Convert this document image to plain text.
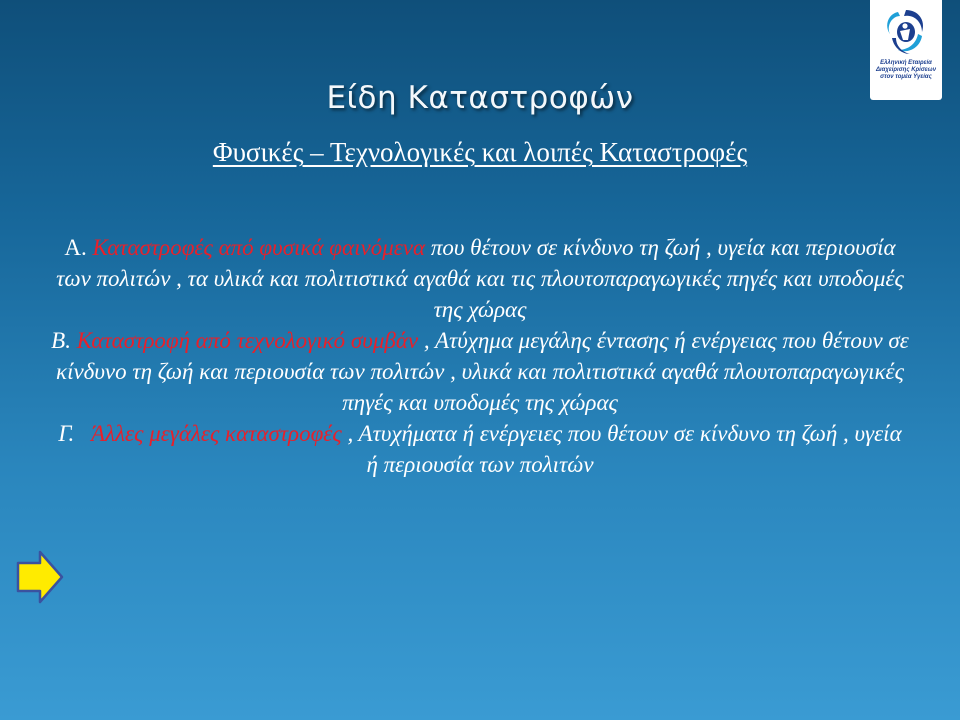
Ελληνική Εταιρεία
Διαχείρισης Κρίσεων
στον τομέα Υγείας
Είδη Καταστροφών
Φυσικές – Τεχνολογικές και λοιπές Καταστροφές

Α. Καταστροφές από φυσικά φαινόμενα που θέτουν σε κίνδυνο τη ζωή , υγεία και περιουσία των πολιτών , τα υλικά και πολιτιστικά αγαθά και τις πλουτοπαραγωγικές πηγές και υποδομές της χώρας

Β. Καταστροφή από τεχνολογικό συμβάν , Ατύχημα μεγάλης έντασης ή ενέργειας που θέτουν σε κίνδυνο τη ζωή και περιουσία των πολιτών , υλικά και πολιτιστικά αγαθά πλουτοπαραγωγικές πηγές και υποδομές της χώρας

Γ. Άλλες μεγάλες καταστροφές , Ατυχήματα ή ενέργειες που θέτουν σε κίνδυνο τη ζωή , υγεία ή περιουσία των πολιτών
